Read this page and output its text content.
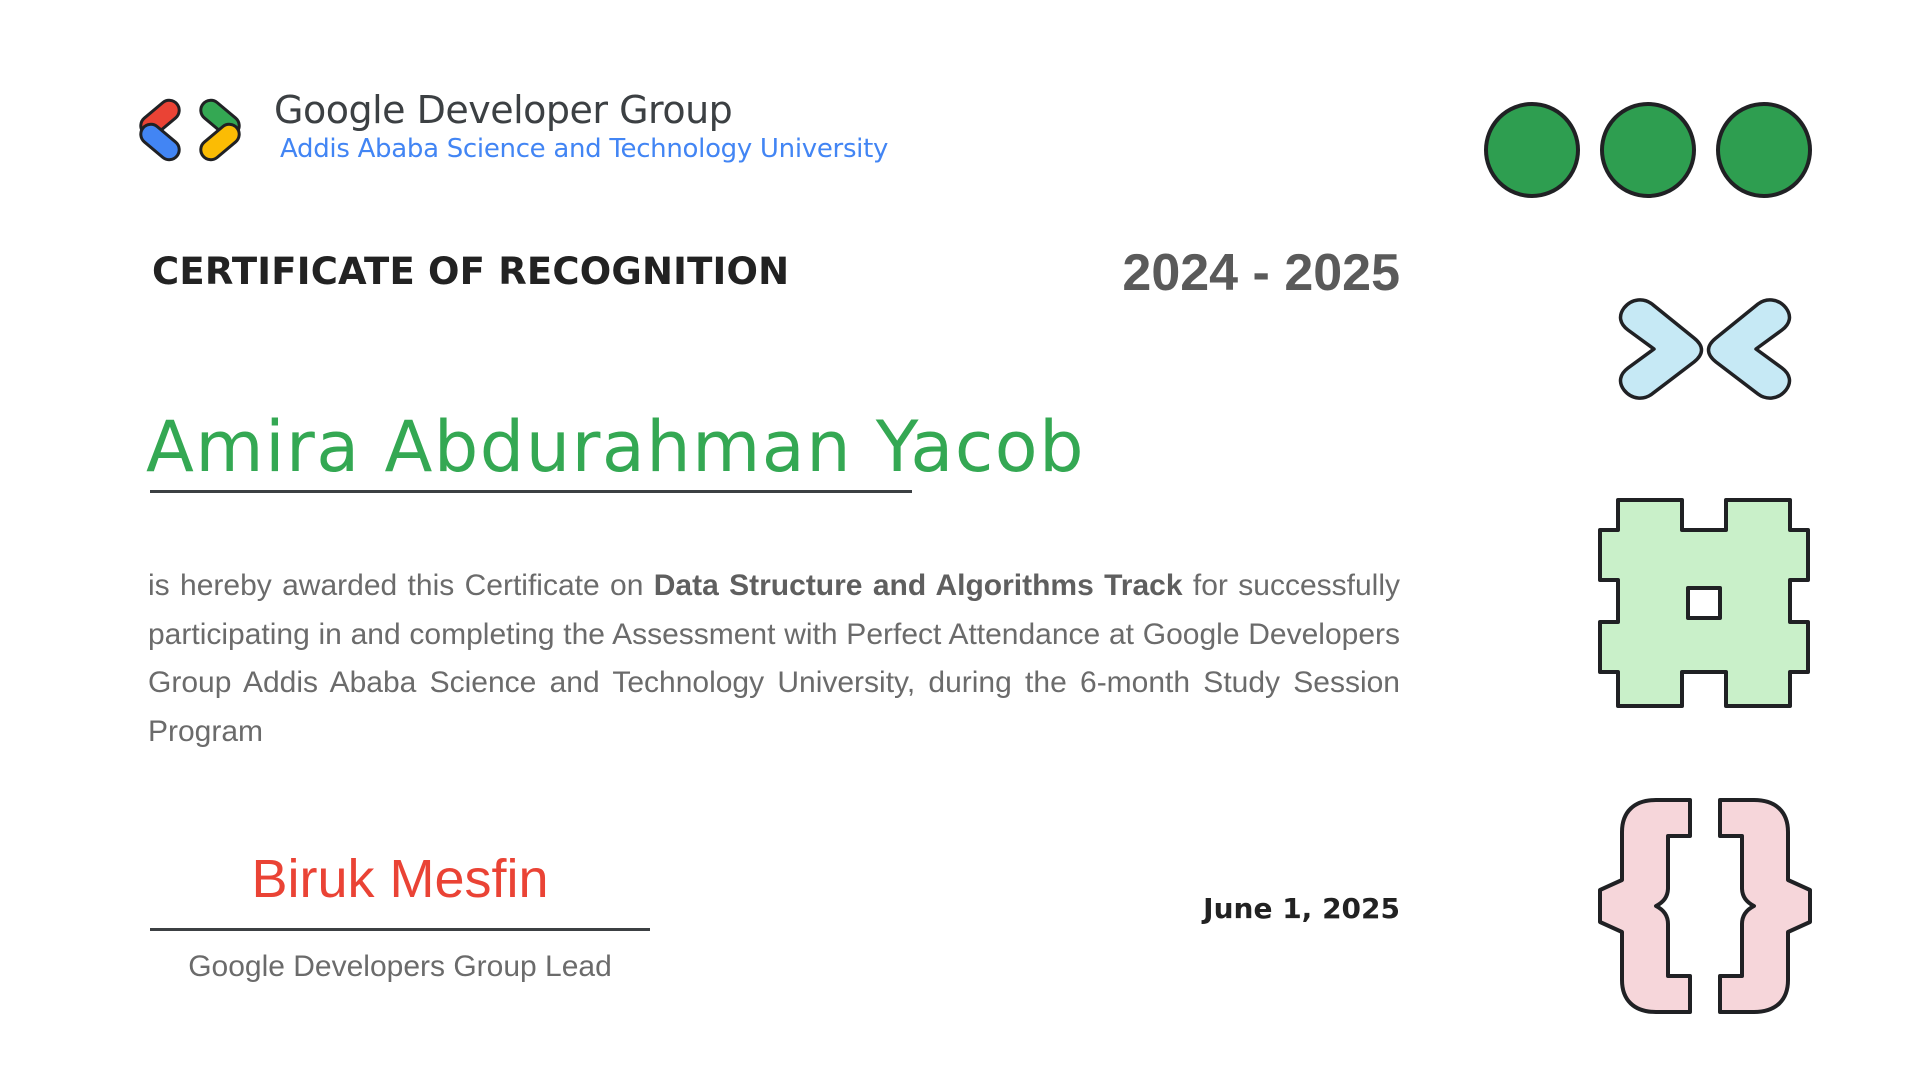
Google Developer Group
Addis Ababa Science and Technology University
CERTIFICATE OF RECOGNITION	2024 - 2025
Amira Abdurahman Yacob

is hereby awarded this Certificate on Data Structure and Algorithms Track for successfully participating in and completing the Assessment with Perfect Attendance at Google Developers Group Addis Ababa Science and Technology University, during the 6-month Study Session Program

Biruk Mesfin
Google Developers Group Lead
June 1, 2025
